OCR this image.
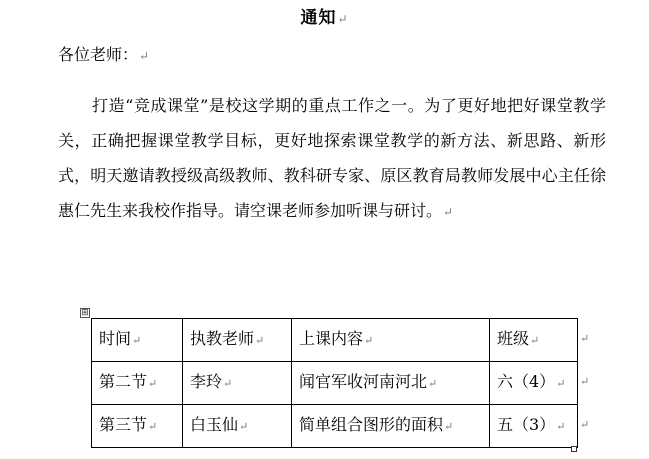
通知↵
各位老师：↵
打造“竞成课堂”是校这学期的重点工作之一。为了更好地把好课堂教学关，正确把握课堂教学目标，更好地探索课堂教学的新方法、新思路、新形式，明天邀请教授级高级教师、教科研专家、原区教育局教师发展中心主任徐惠仁先生来我校作指导。请空课老师参加听课与研讨。↵
⊞
时间↵	执教老师↵	上课内容↵	班级↵
第二节↵	李玲↵	闻官军收河南河北↵	六（4）↵
第三节↵	白玉仙↵	简单组合图形的面积↵	五（3）↵
↵
↵
↵
